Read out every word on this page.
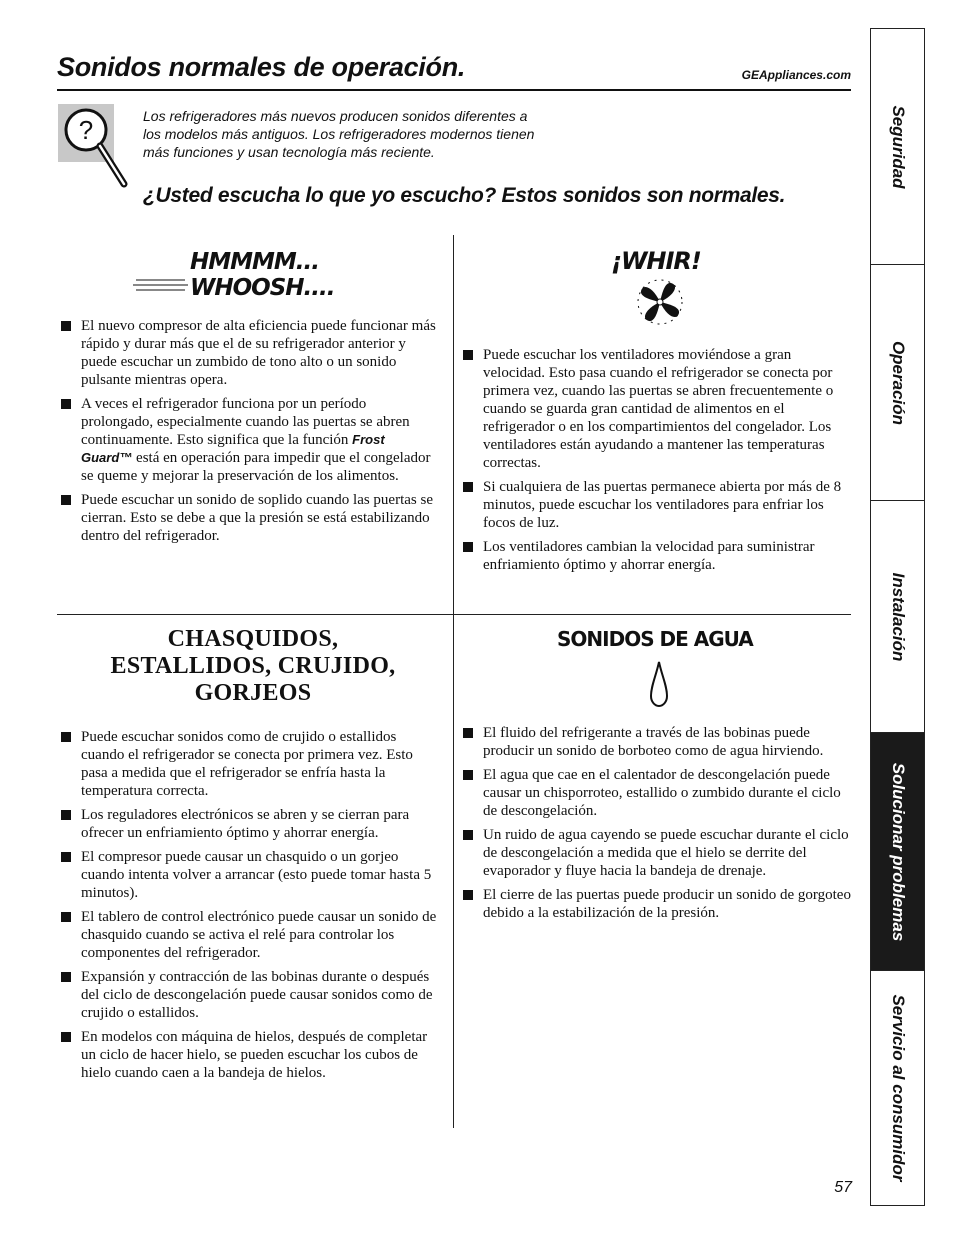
Sonidos normales de operación.	GEAppliances.com
?	Los refrigeradores más nuevos producen sonidos diferentes a
los modelos más antiguos. Los refrigeradores modernos tienen
más funciones y usan tecnología más reciente.
¿Usted escucha lo que yo escucho? Estos sonidos son normales.
HMMMM...
WHOOSH....
El nuevo compresor de alta eficiencia puede funcionar más rápido y durar más que el de su refrigerador anterior y puede escuchar un zumbido de tono alto o un sonido pulsante mientras opera.
A veces el refrigerador funciona por un período prolongado, especialmente cuando las puertas se abren continuamente. Esto significa que la función Frost Guard™ está en operación para impedir que el congelador se queme y mejorar la preservación de los alimentos.
Puede escuchar un sonido de soplido cuando las puertas se cierran. Esto se debe a que la presión se está estabilizando dentro del refrigerador.
¡WHIR!
Puede escuchar los ventiladores moviéndose a gran velocidad. Esto pasa cuando el refrigerador se conecta por primera vez, cuando las puertas se abren frecuentemente o cuando se guarda gran cantidad de alimentos en el refrigerador o en los compartimientos del congelador. Los ventiladores están ayudando a mantener las temperaturas correctas.
Si cualquiera de las puertas permanece abierta por más de 8 minutos, puede escuchar los ventiladores para enfriar los focos de luz.
Los ventiladores cambian la velocidad para suministrar enfriamiento óptimo y ahorrar energía.
CHASQUIDOS,
ESTALLIDOS, CRUJIDO,
GORJEOS
Puede escuchar sonidos como de crujido o estallidos cuando el refrigerador se conecta por primera vez. Esto pasa a medida que el refrigerador se enfría hasta la temperatura correcta.
Los reguladores electrónicos se abren y se cierran para ofrecer un enfriamiento óptimo y ahorrar energía.
El compresor puede causar un chasquido o un gorjeo cuando intenta volver a arrancar (esto puede tomar hasta 5 minutos).
El tablero de control electrónico puede causar un sonido de chasquido cuando se activa el relé para controlar los componentes del refrigerador.
Expansión y contracción de las bobinas durante o después del ciclo de descongelación puede causar sonidos como de crujido o estallidos.
En modelos con máquina de hielos, después de completar un ciclo de hacer hielo, se pueden escuchar los cubos de hielo cuando caen a la bandeja de hielos.
SONIDOS DE AGUA
El fluido del refrigerante a través de las bobinas puede producir un sonido de borboteo como de agua hirviendo.
El agua que cae en el calentador de descongelación puede causar un chisporroteo, estallido o zumbido durante el ciclo de descongelación.
Un ruido de agua cayendo se puede escuchar durante el ciclo de descongelación a medida que el hielo se derrite del evaporador y fluye hacia la bandeja de drenaje.
El cierre de las puertas puede producir un sonido de gorgoteo debido a la estabilización de la presión.
Seguridad
Operación
Instalación
Solucionar problemas
Servicio al consumidor
57
